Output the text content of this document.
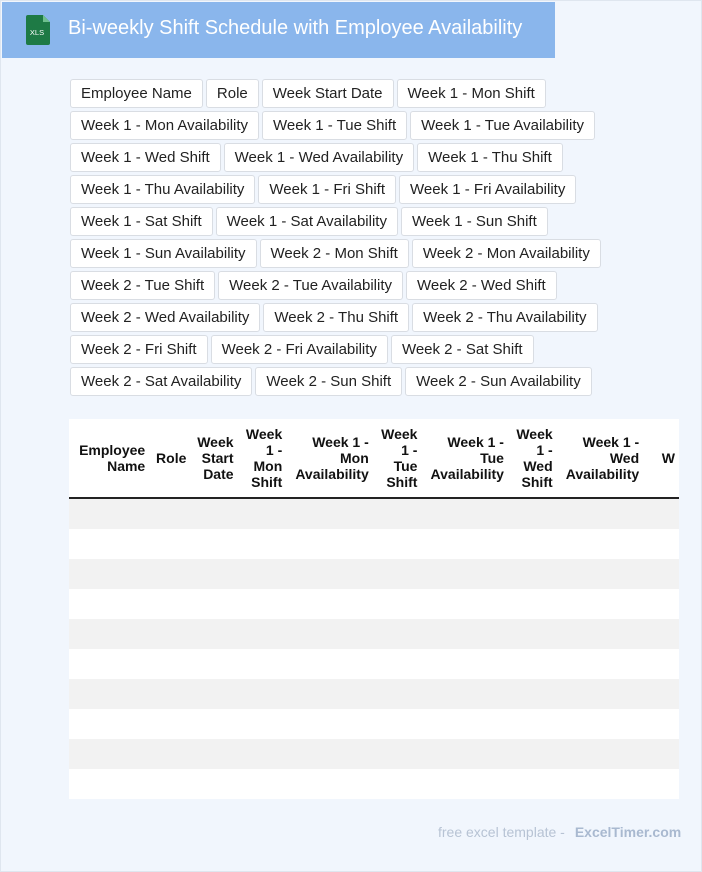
XLS Bi-weekly Shift Schedule with Employee Availability
Employee Name	Role	Week Start Date	Week 1 - Mon Shift
Week 1 - Mon Availability	Week 1 - Tue Shift	Week 1 - Tue Availability
Week 1 - Wed Shift	Week 1 - Wed Availability	Week 1 - Thu Shift
Week 1 - Thu Availability	Week 1 - Fri Shift	Week 1 - Fri Availability
Week 1 - Sat Shift	Week 1 - Sat Availability	Week 1 - Sun Shift
Week 1 - Sun Availability	Week 2 - Mon Shift	Week 2 - Mon Availability
Week 2 - Tue Shift	Week 2 - Tue Availability	Week 2 - Wed Shift
Week 2 - Wed Availability	Week 2 - Thu Shift	Week 2 - Thu Availability
Week 2 - Fri Shift	Week 2 - Fri Availability	Week 2 - Sat Shift
Week 2 - Sat Availability	Week 2 - Sun Shift	Week 2 - Sun Availability
Employee Name	Role	Week Start Date	Week 1 - Mon Shift	Week 1 - Mon Availability	Week 1 - Tue Shift	Week 1 - Tue Availability	Week 1 - Wed Shift	Week 1 - Wed Availability	W

free excel template - ExcelTimer.com
